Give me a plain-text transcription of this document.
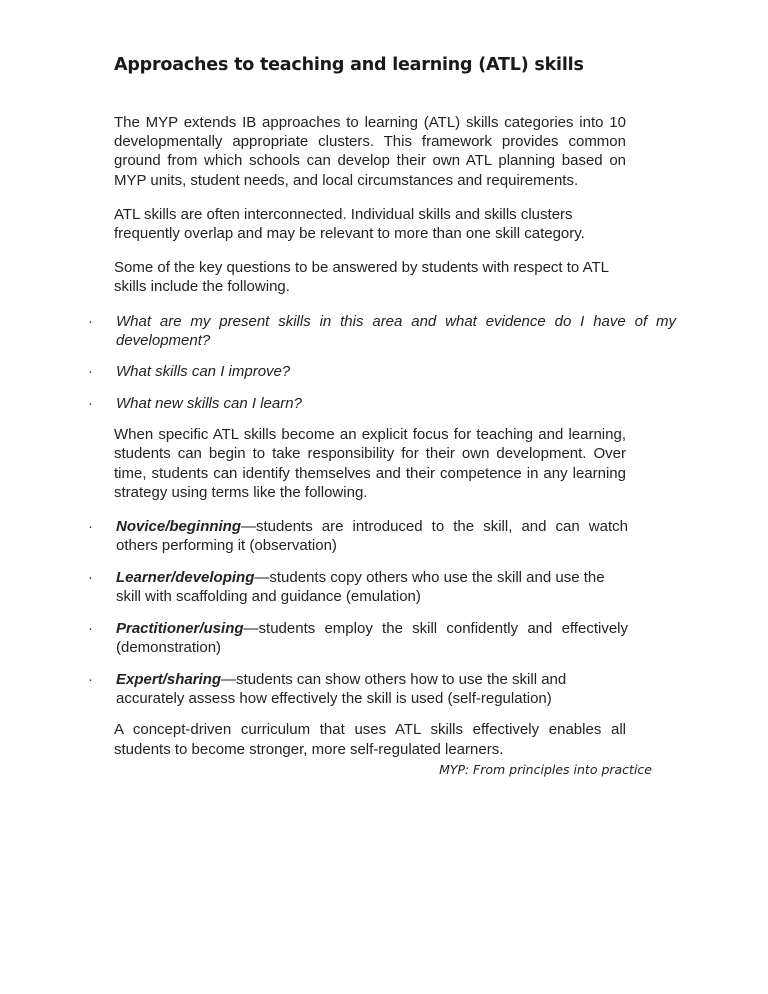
Approaches to teaching and learning (ATL) skills

The MYP extends IB approaches to learning (ATL) skills categories into 10 developmentally appropriate clusters. This framework provides common ground from which schools can develop their own ATL planning based on MYP units, student needs, and local circumstances and requirements.

ATL skills are often interconnected. Individual skills and skills clusters frequently overlap and may be relevant to more than one skill category.

Some of the key questions to be answered by students with respect to ATL skills include the following.

· What are my present skills in this area and what evidence do I have of my development?
· What skills can I improve?
· What new skills can I learn?

When specific ATL skills become an explicit focus for teaching and learning, students can begin to take responsibility for their own development. Over time, students can identify themselves and their competence in any learning strategy using terms like the following.

· Novice/beginning—students are introduced to the skill, and can watch others performing it (observation)
· Learner/developing—students copy others who use the skill and use the skill with scaffolding and guidance (emulation)
· Practitioner/using—students employ the skill confidently and effectively (demonstration)
· Expert/sharing—students can show others how to use the skill and accurately assess how effectively the skill is used (self-regulation)

A concept-driven curriculum that uses ATL skills effectively enables all students to become stronger, more self-regulated learners.

MYP: From principles into practice
